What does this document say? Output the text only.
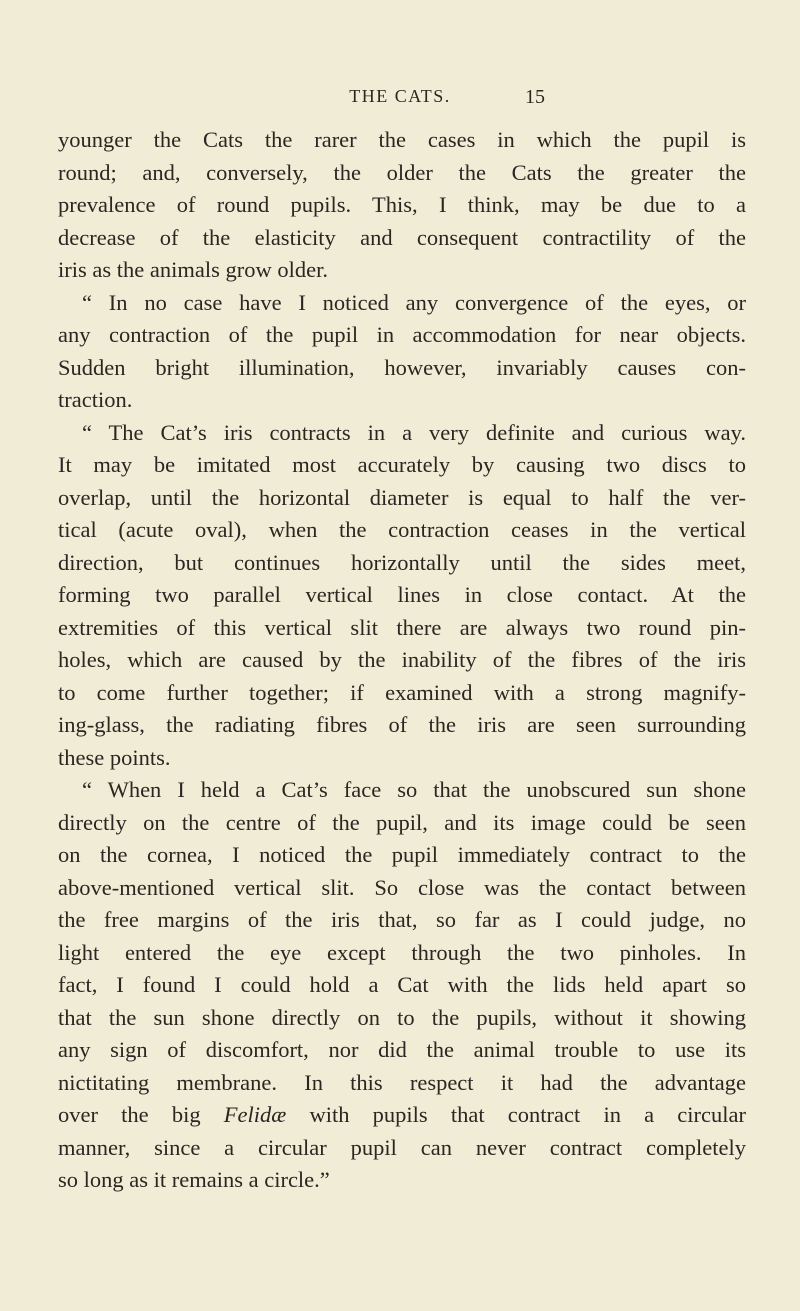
THE CATS.	15
younger the Cats the rarer the cases in which the pupil is
round; and, conversely, the older the Cats the greater the
prevalence of round pupils. This, I think, may be due to a
decrease of the elasticity and consequent contractility of the
iris as the animals grow older.
“ In no case have I noticed any convergence of the eyes, or
any contraction of the pupil in accommodation for near objects.
Sudden bright illumination, however, invariably causes con-
traction.
“ The Cat’s iris contracts in a very definite and curious way.
It may be imitated most accurately by causing two discs to
overlap, until the horizontal diameter is equal to half the ver-
tical (acute oval), when the contraction ceases in the vertical
direction, but continues horizontally until the sides meet,
forming two parallel vertical lines in close contact. At the
extremities of this vertical slit there are always two round pin-
holes, which are caused by the inability of the fibres of the iris
to come further together; if examined with a strong magnify-
ing-glass, the radiating fibres of the iris are seen surrounding
these points.
“ When I held a Cat’s face so that the unobscured sun shone
directly on the centre of the pupil, and its image could be seen
on the cornea, I noticed the pupil immediately contract to the
above-mentioned vertical slit. So close was the contact between
the free margins of the iris that, so far as I could judge, no
light entered the eye except through the two pinholes. In
fact, I found I could hold a Cat with the lids held apart so
that the sun shone directly on to the pupils, without it showing
any sign of discomfort, nor did the animal trouble to use its
nictitating membrane. In this respect it had the advantage
over the big Felidæ with pupils that contract in a circular
manner, since a circular pupil can never contract completely
so long as it remains a circle.”
